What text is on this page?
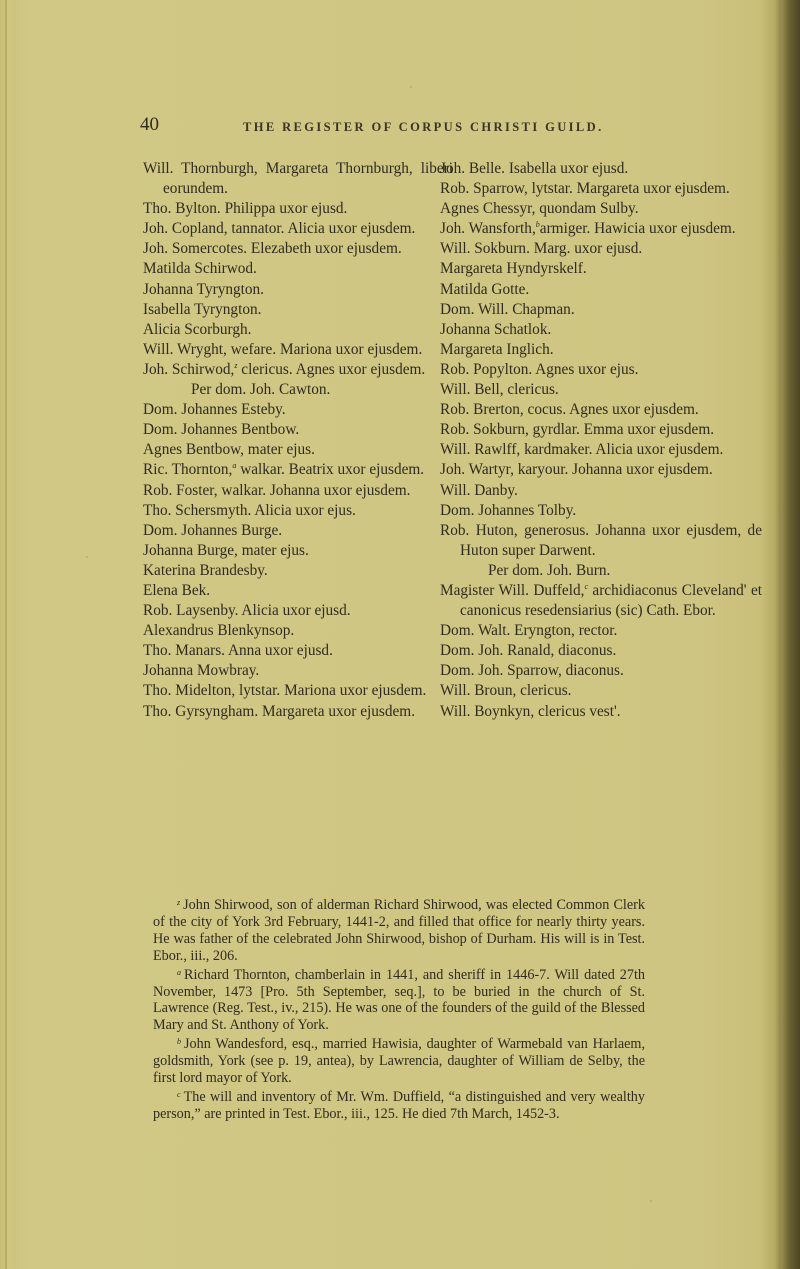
40	THE REGISTER OF CORPUS CHRISTI GUILD.

Will. Thornburgh, Margareta Thornburgh, liberi eorundem.

Tho. Bylton. Philippa uxor ejusd.

Joh. Copland, tannator. Alicia uxor ejusdem.

Joh. Somercotes. Elezabeth uxor ejusdem.

Matilda Schirwod.

Johanna Tyryngton.

Isabella Tyryngton.

Alicia Scorburgh.

Will. Wryght, wefare. Mariona uxor ejusdem.

Joh. Schirwod,$^z$ clericus. Agnes uxor ejusdem.

Per dom. Joh. Cawton.

Dom. Johannes Esteby.

Dom. Johannes Bentbow.

Agnes Bentbow, mater ejus.

Ric. Thornton,$^a$ walkar. Beatrix uxor ejusdem.

Rob. Foster, walkar. Johanna uxor ejusdem.

Tho. Schersmyth. Alicia uxor ejus.

Dom. Johannes Burge.

Johanna Burge, mater ejus.

Katerina Brandesby.

Elena Bek.

Rob. Laysenby. Alicia uxor ejusd.

Alexandrus Blenkynsop.

Tho. Manars. Anna uxor ejusd.

Johanna Mowbray.

Tho. Midelton, lytstar. Mariona uxor ejusdem.

Tho. Gyrsyngham. Margareta uxor ejusdem.

Joh. Belle. Isabella uxor ejusd.

Rob. Sparrow, lytstar. Margareta uxor ejusdem.

Agnes Chessyr, quondam Sulby.

Joh. Wansforth,$^b$armiger. Hawicia uxor ejusdem.

Will. Sokburn. Marg. uxor ejusd.

Margareta Hyndyrskelf.

Matilda Gotte.

Dom. Will. Chapman.

Johanna Schatlok.

Margareta Inglich.

Rob. Popylton. Agnes uxor ejus.

Will. Bell, clericus.

Rob. Brerton, cocus. Agnes uxor ejusdem.

Rob. Sokburn, gyrdlar. Emma uxor ejusdem.

Will. Rawlff, kardmaker. Alicia uxor ejusdem.

Joh. Wartyr, karyour. Johanna uxor ejusdem.

Will. Danby.

Dom. Johannes Tolby.

Rob. Huton, generosus. Johanna uxor ejusdem, de Huton super Darwent.

Per dom. Joh. Burn.

Magister Will. Duffeld,$^c$ archidiaconus Cleveland' et canonicus resedensiarius (sic) Cath. Ebor.

Dom. Walt. Eryngton, rector.

Dom. Joh. Ranald, diaconus.

Dom. Joh. Sparrow, diaconus.

Will. Broun, clericus.

Will. Boynkyn, clericus vest'.

$^z$ John Shirwood, son of alderman Richard Shirwood, was elected Common Clerk of the city of York 3rd February, 1441-2, and filled that office for nearly thirty years. He was father of the celebrated John Shirwood, bishop of Durham. His will is in Test. Ebor., iii., 206.

$^a$ Richard Thornton, chamberlain in 1441, and sheriff in 1446-7. Will dated 27th November, 1473 [Pro. 5th September, seq.], to be buried in the church of St. Lawrence (Reg. Test., iv., 215). He was one of the founders of the guild of the Blessed Mary and St. Anthony of York.

$^b$ John Wandesford, esq., married Hawisia, daughter of Warmebald van Harlaem, goldsmith, York (see p. 19, antea), by Lawrencia, daughter of William de Selby, the first lord mayor of York.

$^c$ The will and inventory of Mr. Wm. Duffield, “a distinguished and very wealthy person,” are printed in Test. Ebor., iii., 125. He died 7th March, 1452-3.
